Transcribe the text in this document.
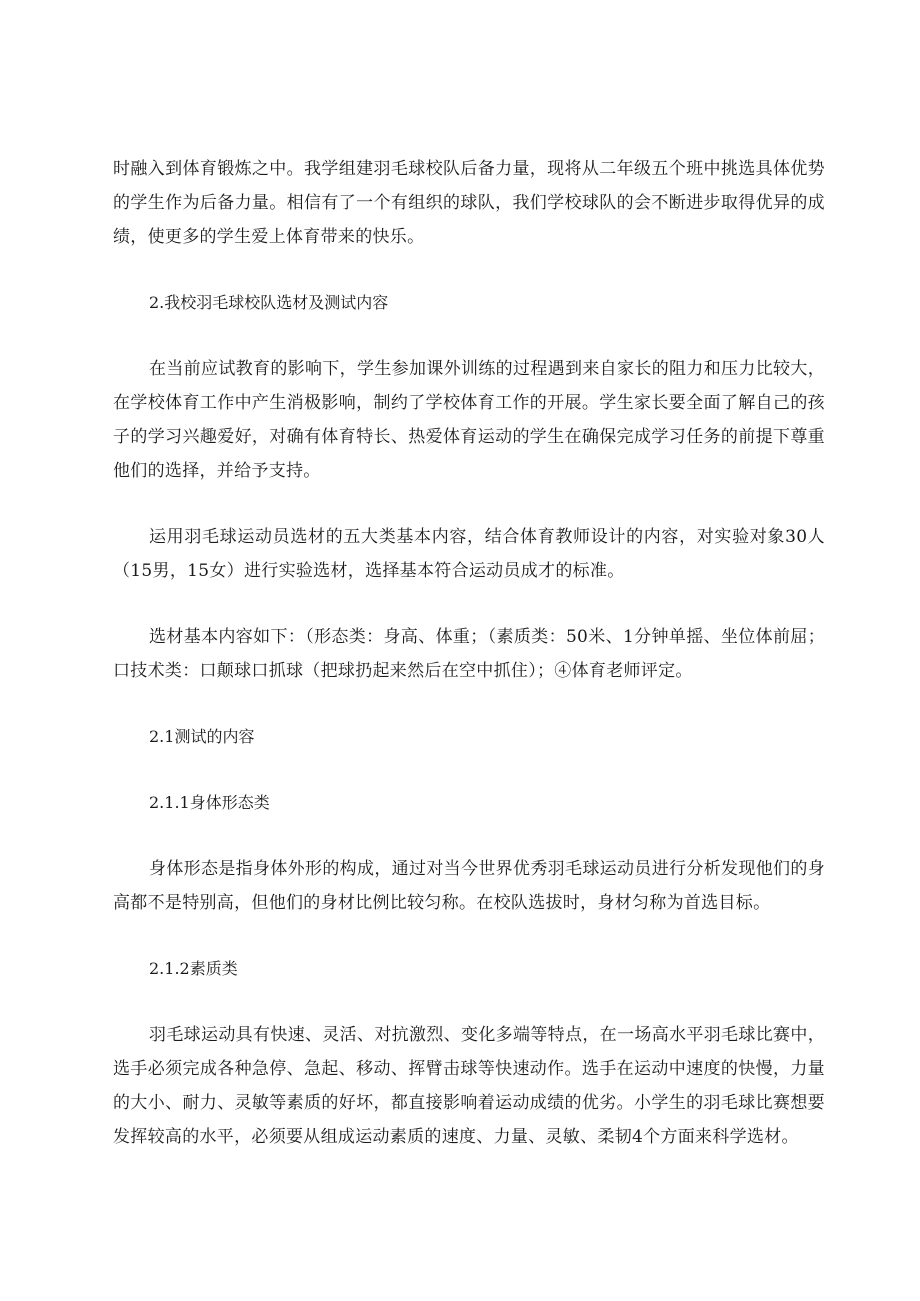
时融入到体育锻炼之中。我学组建羽毛球校队后备力量，现将从二年级五个班中挑选具体优势的学生作为后备力量。相信有了一个有组织的球队，我们学校球队的会不断进步取得优异的成绩，使更多的学生爱上体育带来的快乐。

2.我校羽毛球校队选材及测试内容

在当前应试教育的影响下，学生参加课外训练的过程遇到来自家长的阻力和压力比较大，在学校体育工作中产生消极影响，制约了学校体育工作的开展。学生家长要全面了解自己的孩子的学习兴趣爱好，对确有体育特长、热爱体育运动的学生在确保完成学习任务的前提下尊重他们的选择，并给予支持。

运用羽毛球运动员选材的五大类基本内容，结合体育教师设计的内容，对实验对象30人（15男，15女）进行实验选材，选择基本符合运动员成才的标准。

选材基本内容如下：（形态类：身高、体重；（素质类：50米、1分钟单摇、坐位体前屈；口技术类：口颠球口抓球（把球扔起来然后在空中抓住）；④体育老师评定。

2.1测试的内容

2.1.1身体形态类

身体形态是指身体外形的构成，通过对当今世界优秀羽毛球运动员进行分析发现他们的身高都不是特别高，但他们的身材比例比较匀称。在校队选拔时，身材匀称为首选目标。

2.1.2素质类

羽毛球运动具有快速、灵活、对抗激烈、变化多端等特点，在一场高水平羽毛球比赛中，选手必须完成各种急停、急起、移动、挥臂击球等快速动作。选手在运动中速度的快慢，力量的大小、耐力、灵敏等素质的好坏，都直接影响着运动成绩的优劣。小学生的羽毛球比赛想要发挥较高的水平，必须要从组成运动素质的速度、力量、灵敏、柔韧4个方面来科学选材。
